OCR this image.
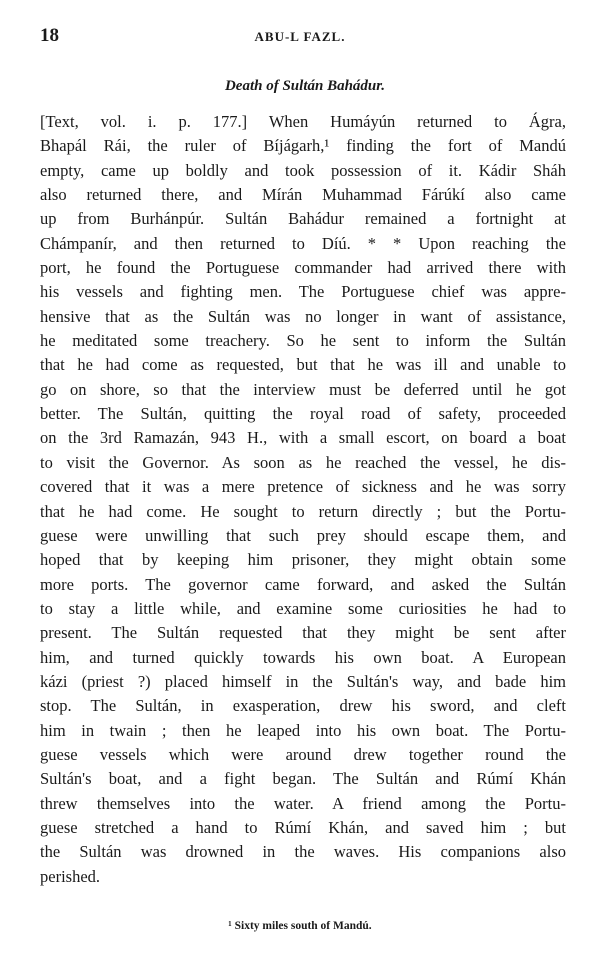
18	ABU-L FAZL.
Death of Sultán Bahádur.
[Text, vol. i. p. 177.] When Humáyún returned to Ágra,
Bhapál Rái, the ruler of Bíjágarh,¹ finding the fort of Mandú
empty, came up boldly and took possession of it. Kádir Sháh
also returned there, and Mírán Muhammad Fárúkí also came
up from Burhánpúr. Sultán Bahádur remained a fortnight at
Chámpanír, and then returned to Díú. * * Upon reaching the
port, he found the Portuguese commander had arrived there with
his vessels and fighting men. The Portuguese chief was appre-
hensive that as the Sultán was no longer in want of assistance,
he meditated some treachery. So he sent to inform the Sultán
that he had come as requested, but that he was ill and unable to
go on shore, so that the interview must be deferred until he got
better. The Sultán, quitting the royal road of safety, proceeded
on the 3rd Ramazán, 943 H., with a small escort, on board a boat
to visit the Governor. As soon as he reached the vessel, he dis-
covered that it was a mere pretence of sickness and he was sorry
that he had come. He sought to return directly ; but the Portu-
guese were unwilling that such prey should escape them, and
hoped that by keeping him prisoner, they might obtain some
more ports. The governor came forward, and asked the Sultán
to stay a little while, and examine some curiosities he had to
present. The Sultán requested that they might be sent after
him, and turned quickly towards his own boat. A European
kázi (priest ?) placed himself in the Sultán's way, and bade him
stop. The Sultán, in exasperation, drew his sword, and cleft
him in twain ; then he leaped into his own boat. The Portu-
guese vessels which were around drew together round the
Sultán's boat, and a fight began. The Sultán and Rúmí Khán
threw themselves into the water. A friend among the Portu-
guese stretched a hand to Rúmí Khán, and saved him ; but
the Sultán was drowned in the waves. His companions also
perished.
¹ Sixty miles south of Mandú.
